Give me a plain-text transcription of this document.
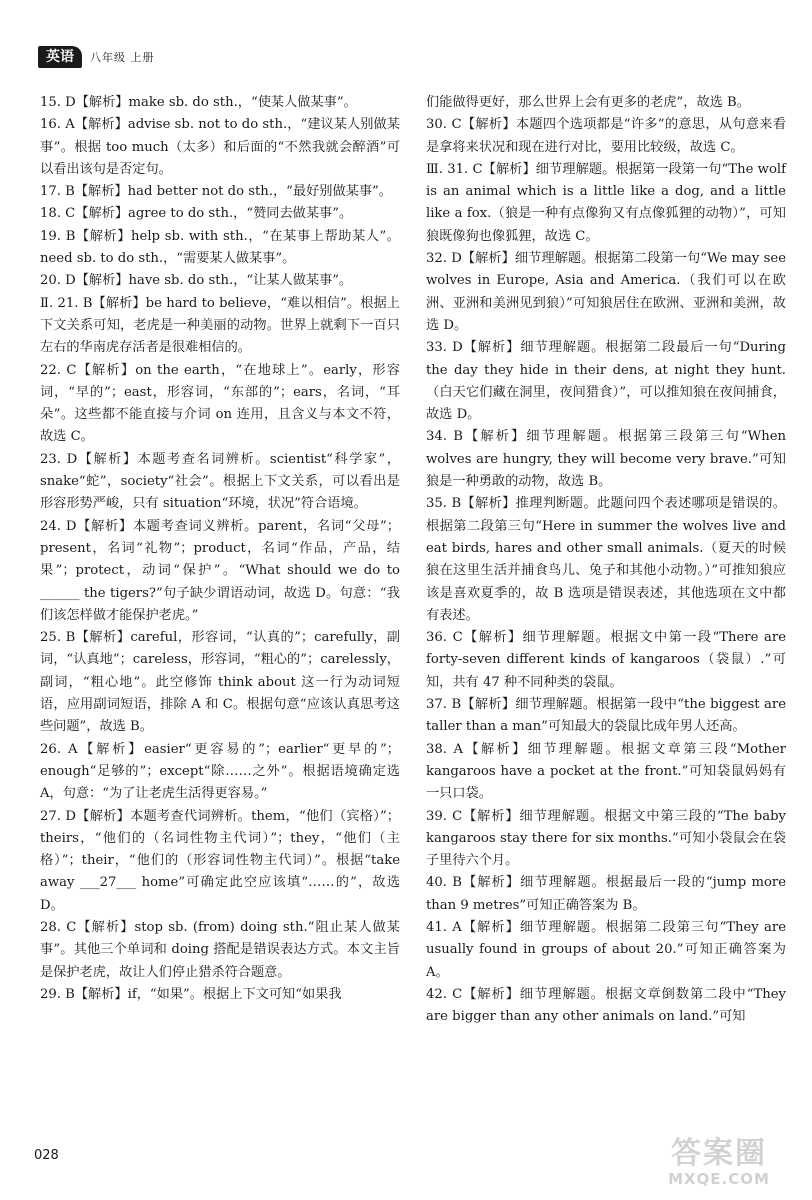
英语	八年级 上册

15. D【解析】make sb. do sth.，“使某人做某事”。

16. A【解析】advise sb. not to do sth.，“建议某人别做某事”。根据 too much（太多）和后面的“不然我就会醉酒”可以看出该句是否定句。

17. B【解析】had better not do sth.，“最好别做某事”。

18. C【解析】agree to do sth.，“赞同去做某事”。

19. B【解析】help sb. with sth.，“在某事上帮助某人”。need sb. to do sth.，“需要某人做某事”。

20. D【解析】have sb. do sth.，“让某人做某事”。

Ⅱ. 21. B【解析】be hard to believe，“难以相信”。根据上下文关系可知，老虎是一种美丽的动物。世界上就剩下一百只左右的华南虎存活者是很难相信的。

22. C【解析】on the earth，“在地球上”。early，形容词，“早的”；east，形容词，“东部的”；ears，名词，“耳朵”。这些都不能直接与介词 on 连用，且含义与本文不符，故选 C。

23. D【解析】本题考查名词辨析。scientist“科学家”，snake“蛇”，society“社会”。根据上下文关系，可以看出是形容形势严峻，只有 situation“环境，状况”符合语境。

24. D【解析】本题考查词义辨析。parent，名词“父母”；present，名词“礼物”；product，名词“作品，产品，结果”；protect，动词“保护”。“What should we do to ______ the tigers?”句子缺少谓语动词，故选 D。句意：“我们该怎样做才能保护老虎。”

25. B【解析】careful，形容词，“认真的”；carefully，副词，“认真地”；careless，形容词，“粗心的”；carelessly，副词，“粗心地”。此空修饰 think about 这一行为动词短语，应用副词短语，排除 A 和 C。根据句意“应该认真思考这些问题”，故选 B。

26. A【解析】easier“更容易的”；earlier“更早的”；enough“足够的”；except“除……之外”。根据语境确定选 A，句意：“为了让老虎生活得更容易。”

27. D【解析】本题考查代词辨析。them，“他们（宾格）”；theirs，“他们的（名词性物主代词）”；they，“他们（主格）”；their，“他们的（形容词性物主代词）”。根据“take away ___27___ home”可确定此空应该填“……的”，故选 D。

28. C【解析】stop sb. (from) doing sth.“阻止某人做某事”。其他三个单词和 doing 搭配是错误表达方式。本文主旨是保护老虎，故让人们停止猎杀符合题意。

29. B【解析】if，“如果”。根据上下文可知“如果我

们能做得更好，那么世界上会有更多的老虎”，故选 B。

30. C【解析】本题四个选项都是“许多”的意思，从句意来看是拿将来状况和现在进行对比，要用比较级，故选 C。

Ⅲ. 31. C【解析】细节理解题。根据第一段第一句“The wolf is an animal which is a little like a dog, and a little like a fox.（狼是一种有点像狗又有点像狐狸的动物）”，可知狼既像狗也像狐狸，故选 C。

32. D【解析】细节理解题。根据第二段第一句“We may see wolves in Europe, Asia and America.（我们可以在欧洲、亚洲和美洲见到狼）”可知狼居住在欧洲、亚洲和美洲，故选 D。

33. D【解析】细节理解题。根据第二段最后一句“During the day they hide in their dens, at night they hunt.（白天它们藏在洞里，夜间猎食）”，可以推知狼在夜间捕食，故选 D。

34. B【解析】细节理解题。根据第三段第三句“When wolves are hungry, they will become very brave.”可知狼是一种勇敢的动物，故选 B。

35. B【解析】推理判断题。此题问四个表述哪项是错误的。根据第二段第三句“Here in summer the wolves live and eat birds, hares and other small animals.（夏天的时候狼在这里生活并捕食鸟儿、兔子和其他小动物。）”可推知狼应该是喜欢夏季的，故 B 选项是错误表述，其他选项在文中都有表述。

36. C【解析】细节理解题。根据文中第一段“There are forty-seven different kinds of kangaroos（袋鼠）.”可知，共有 47 种不同种类的袋鼠。

37. B【解析】细节理解题。根据第一段中“the biggest are taller than a man”可知最大的袋鼠比成年男人还高。

38. A【解析】细节理解题。根据文章第三段“Mother kangaroos have a pocket at the front.”可知袋鼠妈妈有一只口袋。

39. C【解析】细节理解题。根据文中第三段的“The baby kangaroos stay there for six months.”可知小袋鼠会在袋子里待六个月。

40. B【解析】细节理解题。根据最后一段的“jump more than 9 metres”可知正确答案为 B。

41. A【解析】细节理解题。根据第二段第三句“They are usually found in groups of about 20.”可知正确答案为 A。

42. C【解析】细节理解题。根据文章倒数第二段中“They are bigger than any other animals on land.”可知

028	答案圈
MXQE.COM
